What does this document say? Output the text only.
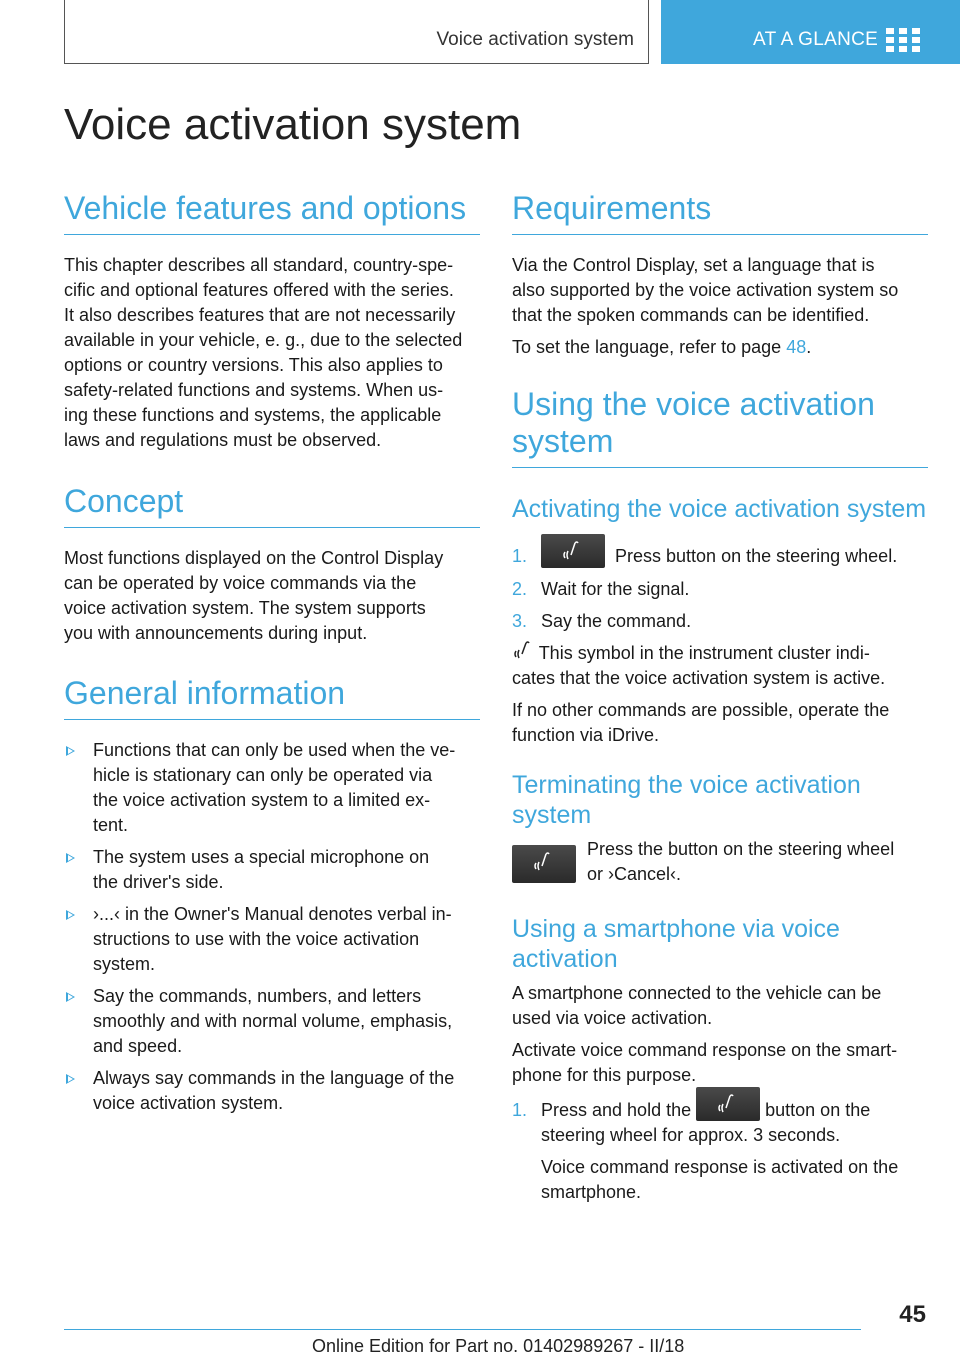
Voice activation system	AT A GLANCE
Voice activation system
Vehicle features and options

This chapter describes all standard, country-spe-
cific and optional features offered with the series.
It also describes features that are not necessarily
available in your vehicle, e. g., due to the selected
options or country versions. This also applies to
safety-related functions and systems. When us-
ing these functions and systems, the applicable
laws and regulations must be observed.

Concept

Most functions displayed on the Control Display
can be operated by voice commands via the
voice activation system. The system supports
you with announcements during input.

General information
Functions that can only be used when the ve-
hicle is stationary can only be operated via
the voice activation system to a limited ex-
tent.
The system uses a special microphone on
the driver's side.
›...‹ in the Owner's Manual denotes verbal in-
structions to use with the voice activation
system.
Say the commands, numbers, and letters
smoothly and with normal volume, emphasis,
and speed.
Always say commands in the language of the
voice activation system.
Requirements

Via the Control Display, set a language that is
also supported by the voice activation system so
that the spoken commands can be identified.

To set the language, refer to page 48.

Using the voice activation
system
Activating the voice activation system
1.	Press button on the steering wheel.
2. Wait for the signal.
3. Say the command.

This symbol in the instrument cluster indi-
cates that the voice activation system is active.

If no other commands are possible, operate the
function via iDrive.

Terminating the voice activation
system

Press the button on the steering wheel
or ›Cancel‹.

Using a smartphone via voice
activation

A smartphone connected to the vehicle can be
used via voice activation.

Activate voice command response on the smart-
phone for this purpose.

1. Press and hold the	button on the
steering wheel for approx. 3 seconds.
Voice command response is activated on the
smartphone.
45
Online Edition for Part no. 01402989267 - II/18
